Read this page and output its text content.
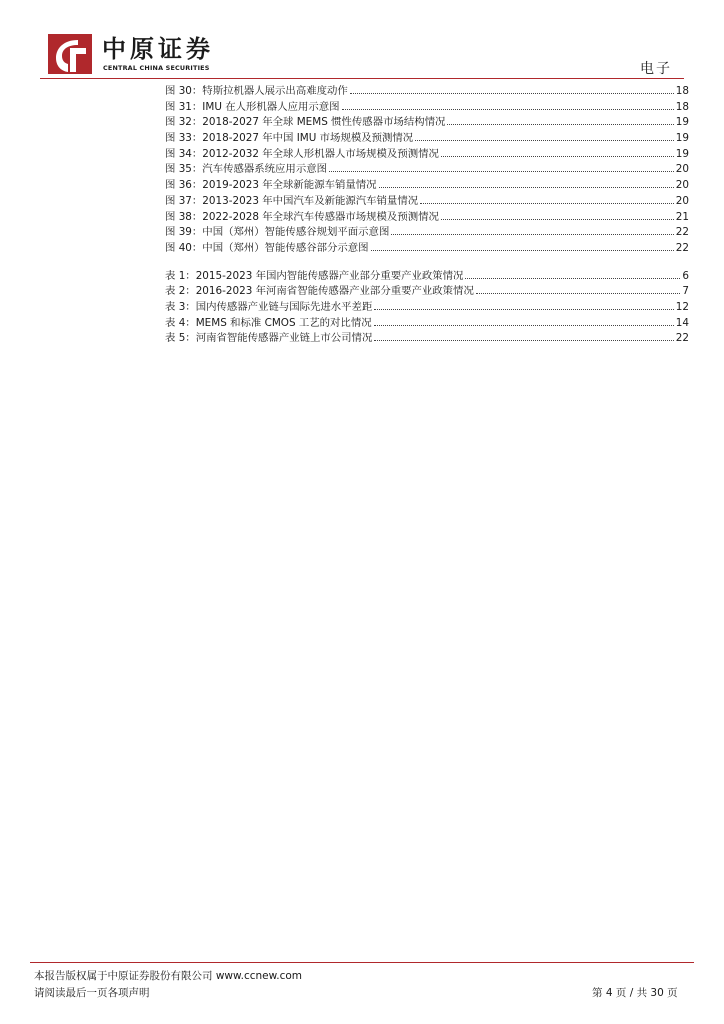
中原证券
CENTRAL CHINA SECURITIES	电子
图 30：特斯拉机器人展示出高难度动作	18
图 31：IMU 在人形机器人应用示意图	18
图 32：2018-2027 年全球 MEMS 惯性传感器市场结构情况	19
图 33：2018-2027 年中国 IMU 市场规模及预测情况	19
图 34：2012-2032 年全球人形机器人市场规模及预测情况	19
图 35：汽车传感器系统应用示意图	20
图 36：2019-2023 年全球新能源车销量情况	20
图 37：2013-2023 年中国汽车及新能源汽车销量情况	20
图 38：2022-2028 年全球汽车传感器市场规模及预测情况	21
图 39：中国（郑州）智能传感谷规划平面示意图	22
图 40：中国（郑州）智能传感谷部分示意图	22
表 1：2015-2023 年国内智能传感器产业部分重要产业政策情况	6
表 2：2016-2023 年河南省智能传感器产业部分重要产业政策情况	7
表 3：国内传感器产业链与国际先进水平差距	12
表 4：MEMS 和标准 CMOS 工艺的对比情况	14
表 5：河南省智能传感器产业链上市公司情况	22
本报告版权属于中原证券股份有限公司 www.ccnew.com
请阅读最后一页各项声明	第 4 页 / 共 30 页
